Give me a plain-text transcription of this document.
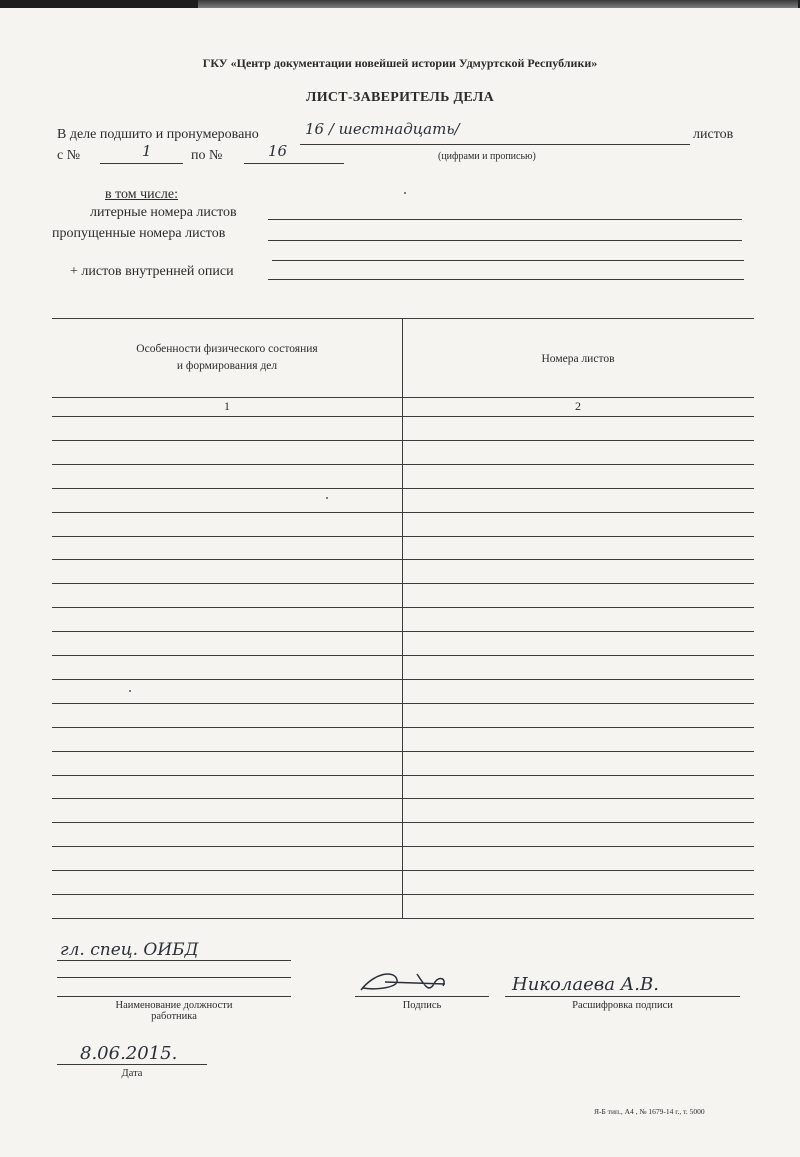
ГКУ «Центр документации новейшей истории Удмуртской Республики»
ЛИСТ-ЗАВЕРИТЕЛЬ ДЕЛА
В деле подшито и пронумеровано	16 / шестнадцать/	листов
с №	1	по №	16	(цифрами и прописью)
в том числе:
литерные номера листов
пропущенные номера листов
+ листов внутренней описи
Особенности физического состояния
и формирования дел
Номера листов
1	2
гл. спец. ОИБД
Наименование должности
работника
Подпись
Николаева А.В.
Расшифровка подписи
8.06.2015.
Дата
Я-Б тип., А4 , № 1679-14 г., т. 5000
